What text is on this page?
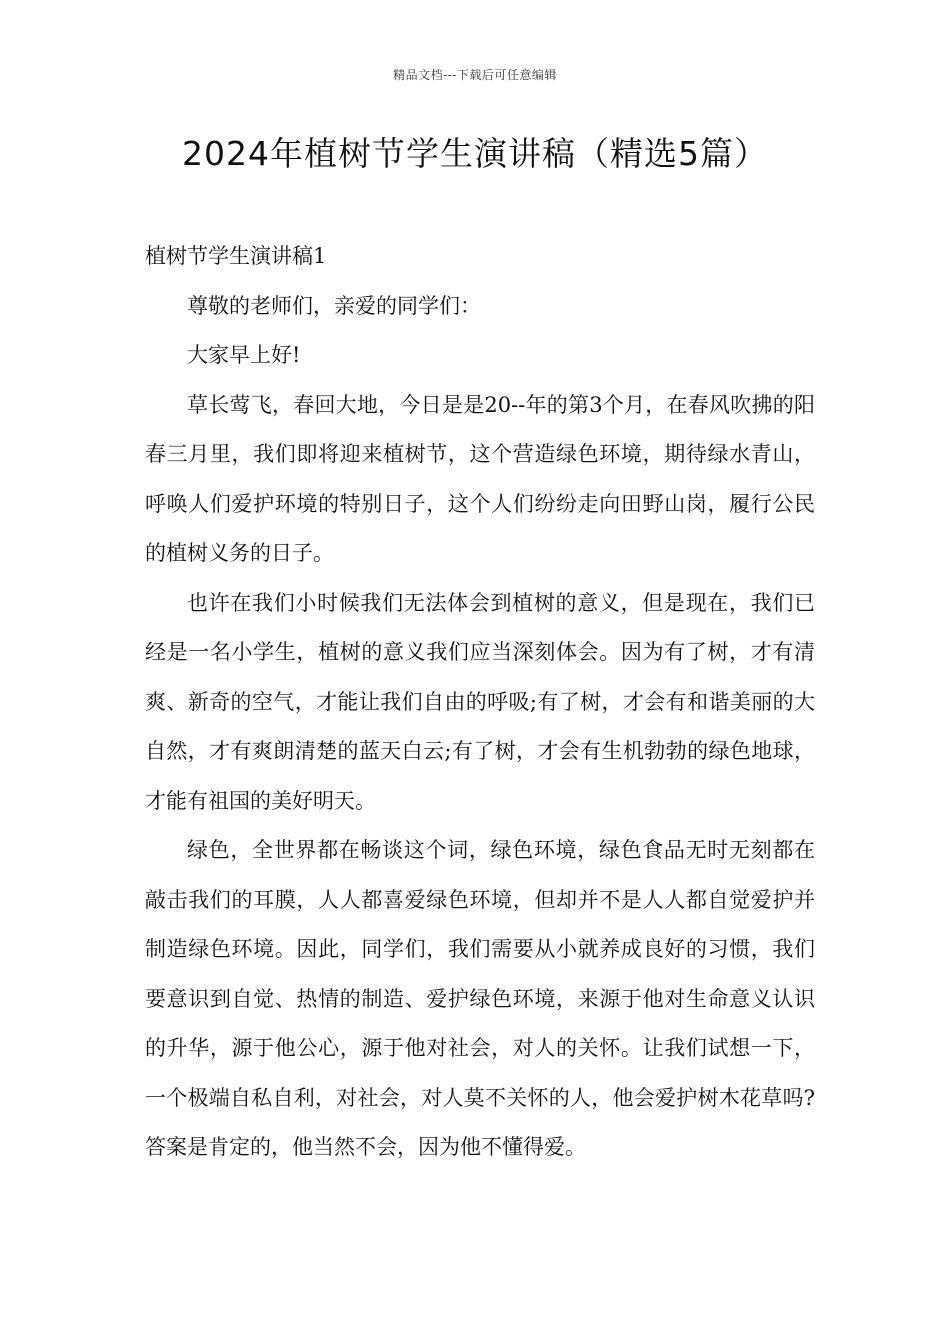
精品文档---下载后可任意编辑
2024年植树节学生演讲稿（精选5篇）

植树节学生演讲稿1

尊敬的老师们，亲爱的同学们：

大家早上好!

草长莺飞，春回大地，今日是是20--年的第3个月，在春风吹拂的阳春三月里，我们即将迎来植树节，这个营造绿色环境，期待绿水青山，呼唤人们爱护环境的特别日子，这个人们纷纷走向田野山岗，履行公民的植树义务的日子。

也许在我们小时候我们无法体会到植树的意义，但是现在，我们已经是一名小学生，植树的意义我们应当深刻体会。因为有了树，才有清爽、新奇的空气，才能让我们自由的呼吸;有了树，才会有和谐美丽的大自然，才有爽朗清楚的蓝天白云;有了树，才会有生机勃勃的绿色地球，才能有祖国的美好明天。

绿色，全世界都在畅谈这个词，绿色环境，绿色食品无时无刻都在敲击我们的耳膜，人人都喜爱绿色环境，但却并不是人人都自觉爱护并制造绿色环境。因此，同学们，我们需要从小就养成良好的习惯，我们要意识到自觉、热情的制造、爱护绿色环境，来源于他对生命意义认识的升华，源于他公心，源于他对社会，对人的关怀。让我们试想一下，一个极端自私自利，对社会，对人莫不关怀的人，他会爱护树木花草吗?答案是肯定的，他当然不会，因为他不懂得爱。
